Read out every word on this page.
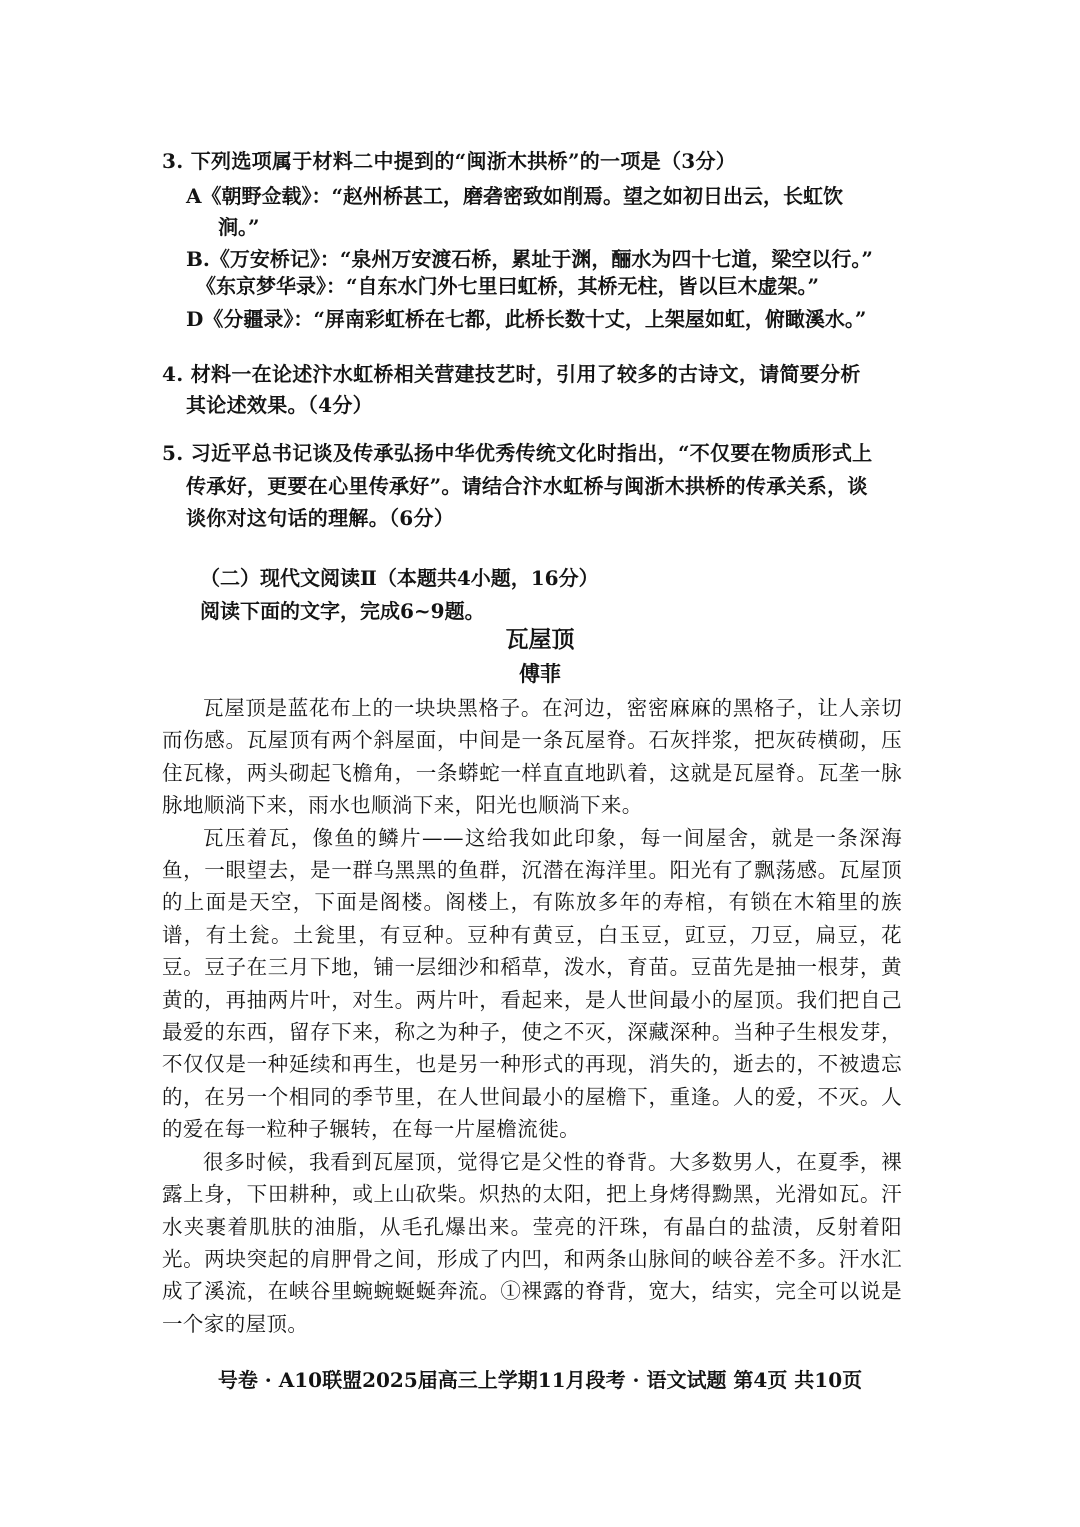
3. 下列选项属于材料二中提到的“闽浙木拱桥”的一项是（3分）
A《朝野佥载》：“赵州桥甚工，磨砻密致如削焉。望之如初日出云，长虹饮
涧。”
B.《万安桥记》：“泉州万安渡石桥，累址于渊，酾水为四十七道，梁空以行。”
《东京梦华录》：“自东水门外七里曰虹桥，其桥无柱，皆以巨木虚架。”
D《分疆录》：“屏南彩虹桥在七都，此桥长数十丈，上架屋如虹，俯瞰溪水。”
4. 材料一在论述汴水虹桥相关营建技艺时，引用了较多的古诗文，请简要分析
其论述效果。（4分）
5. 习近平总书记谈及传承弘扬中华优秀传统文化时指出，“不仅要在物质形式上
传承好，更要在心里传承好”。请结合汴水虹桥与闽浙木拱桥的传承关系，谈
谈你对这句话的理解。（6分）
（二）现代文阅读Ⅱ（本题共4小题，16分）
阅读下面的文字，完成6~9题。
瓦屋顶
傅菲

瓦屋顶是蓝花布上的一块块黑格子。在河边，密密麻麻的黑格子，让人亲切而伤感。瓦屋顶有两个斜屋面，中间是一条瓦屋脊。石灰拌浆，把灰砖横砌，压住瓦椽，两头砌起飞檐角，一条蟒蛇一样直直地趴着，这就是瓦屋脊。瓦垄一脉脉地顺淌下来，雨水也顺淌下来，阳光也顺淌下来。

瓦压着瓦，像鱼的鳞片——这给我如此印象，每一间屋舍，就是一条深海鱼，一眼望去，是一群乌黑黑的鱼群，沉潜在海洋里。阳光有了飘荡感。瓦屋顶的上面是天空，下面是阁楼。阁楼上，有陈放多年的寿棺，有锁在木箱里的族谱，有土瓮。土瓮里，有豆种。豆种有黄豆，白玉豆，豇豆，刀豆，扁豆，花豆。豆子在三月下地，铺一层细沙和稻草，泼水，育苗。豆苗先是抽一根芽，黄黄的，再抽两片叶，对生。两片叶，看起来，是人世间最小的屋顶。我们把自己最爱的东西，留存下来，称之为种子，使之不灭，深藏深种。当种子生根发芽，不仅仅是一种延续和再生，也是另一种形式的再现，消失的，逝去的，不被遗忘的，在另一个相同的季节里，在人世间最小的屋檐下，重逢。人的爱，不灭。人的爱在每一粒种子辗转，在每一片屋檐流徙。

很多时候，我看到瓦屋顶，觉得它是父性的脊背。大多数男人，在夏季，裸露上身，下田耕种，或上山砍柴。炽热的太阳，把上身烤得黝黑，光滑如瓦。汗水夹裹着肌肤的油脂，从毛孔爆出来。莹亮的汗珠，有晶白的盐渍，反射着阳光。两块突起的肩胛骨之间，形成了内凹，和两条山脉间的峡谷差不多。汗水汇成了溪流，在峡谷里蜿蜿蜒蜒奔流。①裸露的脊背，宽大，结实，完全可以说是一个家的屋顶。

号卷 · A10联盟2025届高三上学期11月段考 · 语文试题 第4页 共10页
